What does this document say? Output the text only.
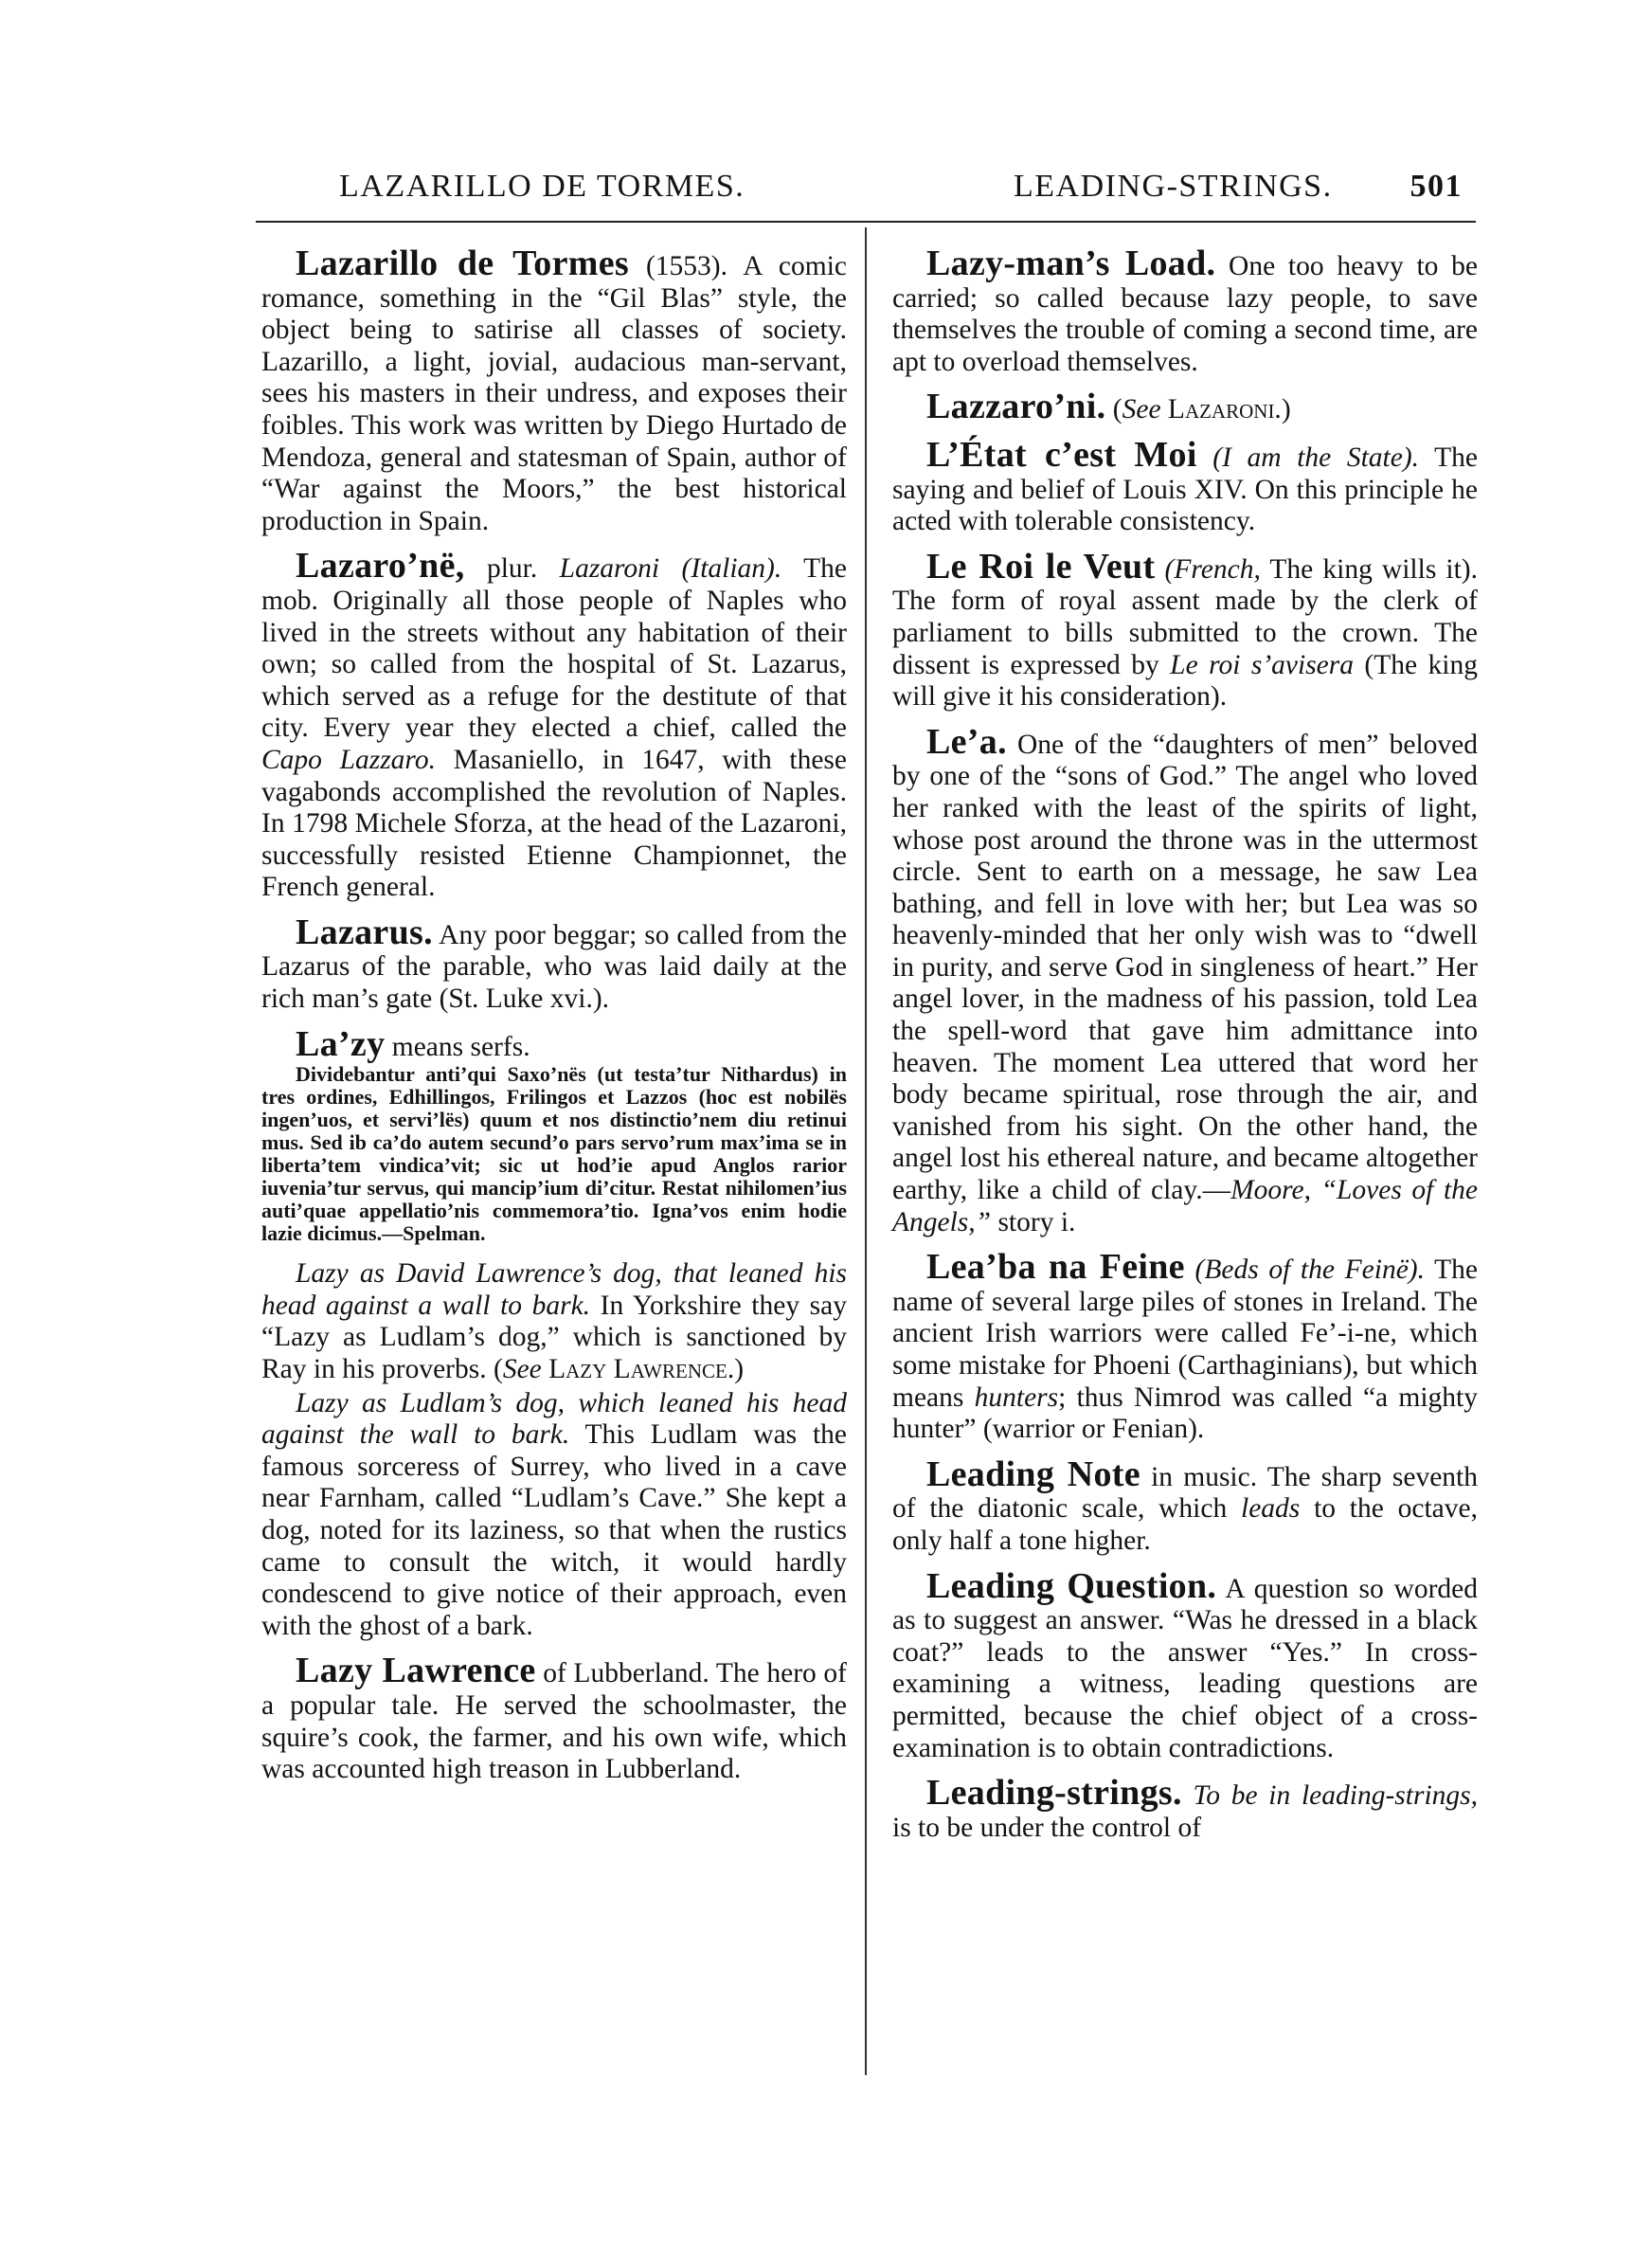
LAZARILLO DE TORMES.	LEADING-STRINGS. 501

Lazarillo de Tormes (1553). A comic romance, something in the “Gil Blas” style, the object being to satirise all classes of society. Lazarillo, a light, jovial, audacious man-servant, sees his masters in their undress, and exposes their foibles. This work was written by Diego Hurtado de Mendoza, general and statesman of Spain, author of “War against the Moors,” the best historical production in Spain.

Lazaro’në, plur. Lazaroni (Italian). The mob. Originally all those people of Naples who lived in the streets without any habitation of their own; so called from the hospital of St. Lazarus, which served as a refuge for the destitute of that city. Every year they elected a chief, called the Capo Lazzaro. Masaniello, in 1647, with these vagabonds accomplished the revolution of Naples. In 1798 Michele Sforza, at the head of the Lazaroni, successfully resisted Etienne Championnet, the French general.

Lazarus. Any poor beggar; so called from the Lazarus of the parable, who was laid daily at the rich man’s gate (St. Luke xvi.).

La’zy means serfs.

Dividebantur anti’qui Saxo’nës (ut testa’tur Nithardus) in tres ordines, Edhillingos, Frilingos et Lazzos (hoc est nobilës ingen’uos, et servi’lës) quum et nos distinctio’nem diu retinui mus. Sed ib ca’do autem secund’o pars servo’rum max’ima se in liberta’tem vindica’vit; sic ut hod’ie apud Anglos rarior iuvenia’tur servus, qui mancip’ium di’citur. Restat nihilomen’ius auti’quae appellatio’nis commemora’tio. Igna’vos enim hodie lazie dicimus.—Spelman.

Lazy as David Lawrence’s dog, that leaned his head against a wall to bark. In Yorkshire they say “Lazy as Ludlam’s dog,” which is sanctioned by Ray in his proverbs. (See Lazy Lawrence.)

Lazy as Ludlam’s dog, which leaned his head against the wall to bark. This Ludlam was the famous sorceress of Surrey, who lived in a cave near Farnham, called “Ludlam’s Cave.” She kept a dog, noted for its laziness, so that when the rustics came to consult the witch, it would hardly condescend to give notice of their approach, even with the ghost of a bark.

Lazy Lawrence of Lubberland. The hero of a popular tale. He served the schoolmaster, the squire’s cook, the farmer, and his own wife, which was accounted high treason in Lubberland.

Lazy-man’s Load. One too heavy to be carried; so called because lazy people, to save themselves the trouble of coming a second time, are apt to overload themselves.

Lazzaro’ni. (See Lazaroni.)

L’État c’est Moi (I am the State). The saying and belief of Louis XIV. On this principle he acted with tolerable consistency.

Le Roi le Veut (French, The king wills it). The form of royal assent made by the clerk of parliament to bills submitted to the crown. The dissent is expressed by Le roi s’avisera (The king will give it his consideration).

Le’a. One of the “daughters of men” beloved by one of the “sons of God.” The angel who loved her ranked with the least of the spirits of light, whose post around the throne was in the uttermost circle. Sent to earth on a message, he saw Lea bathing, and fell in love with her; but Lea was so heavenly-minded that her only wish was to “dwell in purity, and serve God in singleness of heart.” Her angel lover, in the madness of his passion, told Lea the spell-word that gave him admittance into heaven. The moment Lea uttered that word her body became spiritual, rose through the air, and vanished from his sight. On the other hand, the angel lost his ethereal nature, and became altogether earthy, like a child of clay.—Moore, “Loves of the Angels,” story i.

Lea’ba na Feine (Beds of the Feinë). The name of several large piles of stones in Ireland. The ancient Irish warriors were called Fe’-i-ne, which some mistake for Phoeni (Carthaginians), but which means hunters; thus Nimrod was called “a mighty hunter” (warrior or Fenian).

Leading Note in music. The sharp seventh of the diatonic scale, which leads to the octave, only half a tone higher.

Leading Question. A question so worded as to suggest an answer. “Was he dressed in a black coat?” leads to the answer “Yes.” In cross-examining a witness, leading questions are permitted, because the chief object of a cross-examination is to obtain contradictions.

Leading-strings. To be in leading-strings, is to be under the control of
